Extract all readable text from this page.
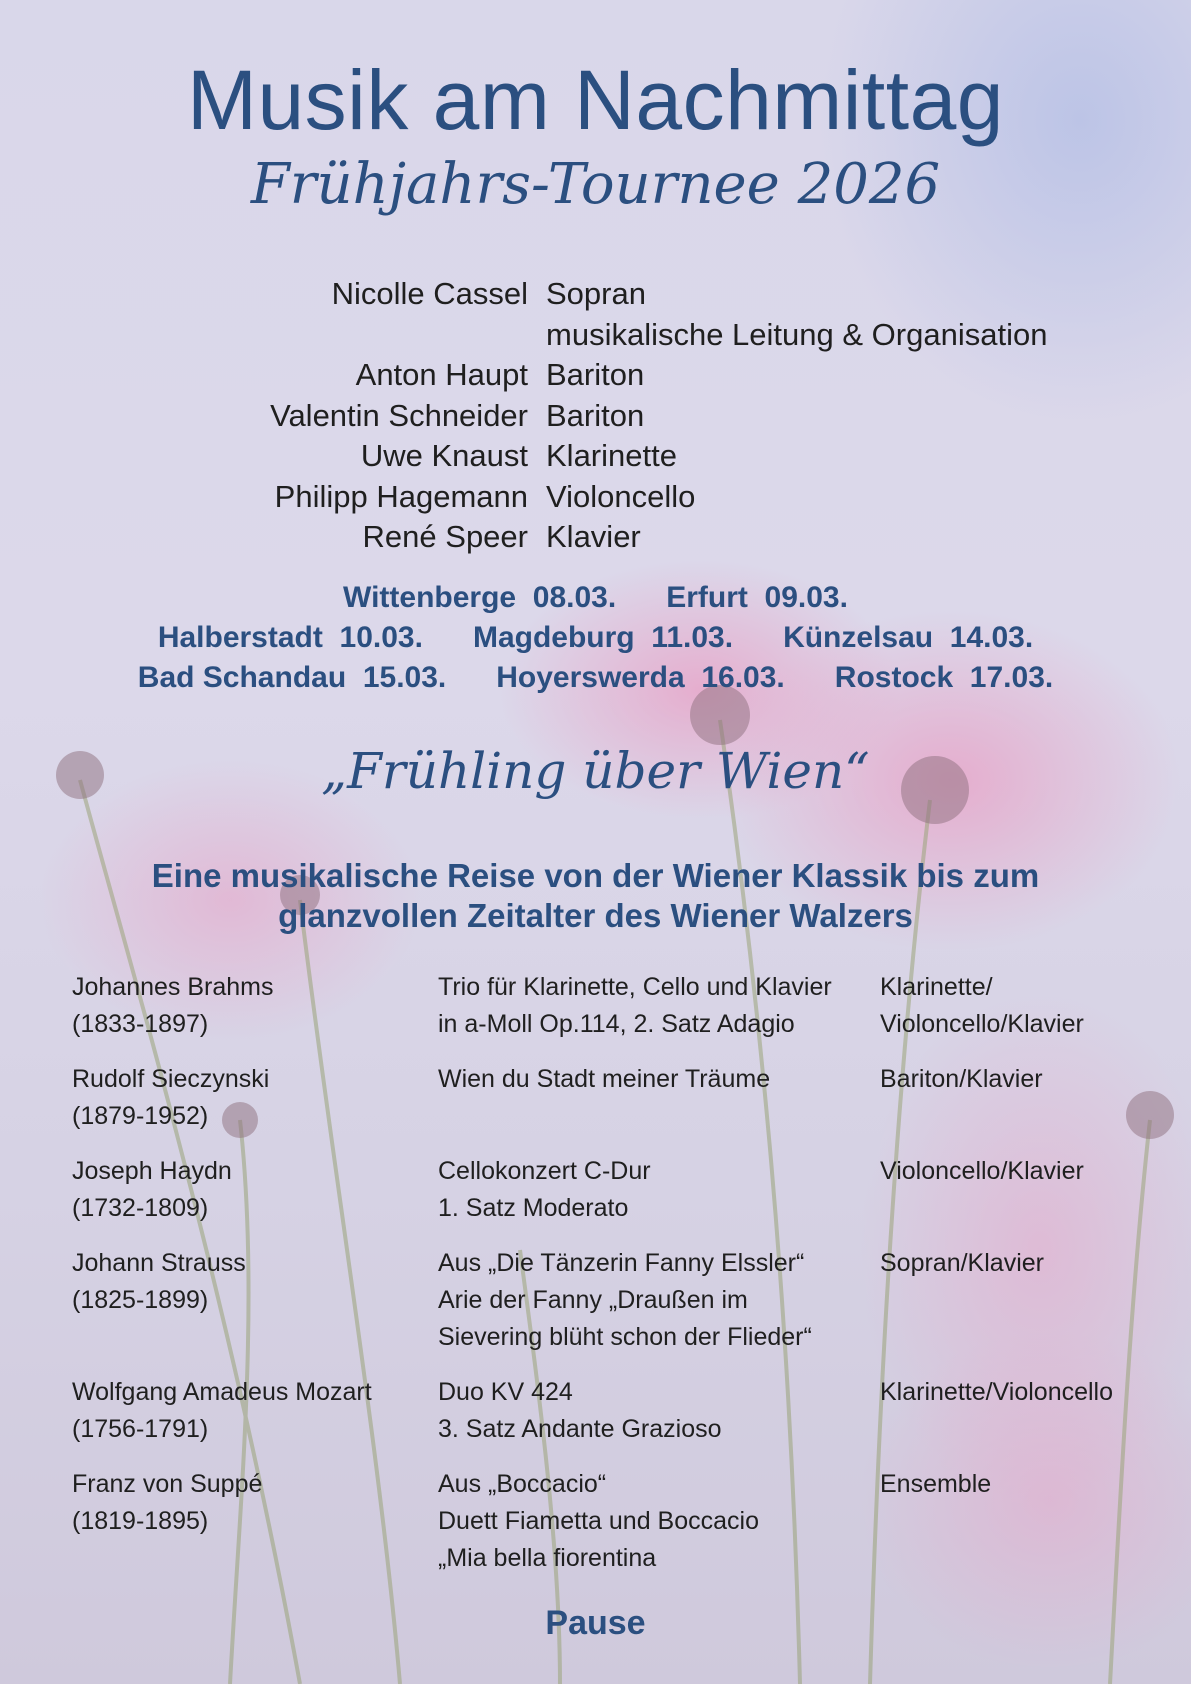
Musik am Nachmittag
Frühjahrs-Tournee 2026
Nicolle Cassel Sopran
musikalische Leitung & Organisation
Anton Haupt Bariton
Valentin Schneider Bariton
Uwe Knaust Klarinette
Philipp Hagemann Violoncello
René Speer Klavier
Wittenberge  08.03. Erfurt  09.03.
Halberstadt  10.03. Magdeburg  11.03. Künzelsau  14.03.
Bad Schandau  15.03. Hoyerswerda  16.03. Rostock  17.03.
„Frühling über Wien“
Eine musikalische Reise von der Wiener Klassik bis zum
glanzvollen Zeitalter des Wiener Walzers
Johannes Brahms
(1833-1897)
Trio für Klarinette, Cello und Klavier
in a-Moll Op.114, 2. Satz Adagio
Klarinette/
Violoncello/Klavier
Rudolf Sieczynski
(1879-1952)
Wien du Stadt meiner Träume	Bariton/Klavier
Joseph Haydn
(1732-1809)
Cellokonzert C-Dur
1. Satz Moderato
Violoncello/Klavier
Johann Strauss
(1825-1899)
Aus „Die Tänzerin Fanny Elssler“
Arie der Fanny „Draußen im
Sievering blüht schon der Flieder“
Sopran/Klavier
Wolfgang Amadeus Mozart
(1756-1791)
Duo KV 424
3. Satz Andante Grazioso
Klarinette/Violoncello
Franz von Suppé
(1819-1895)
Aus „Boccacio“
Duett Fiametta und Boccacio
„Mia bella fiorentina
Ensemble
Pause
